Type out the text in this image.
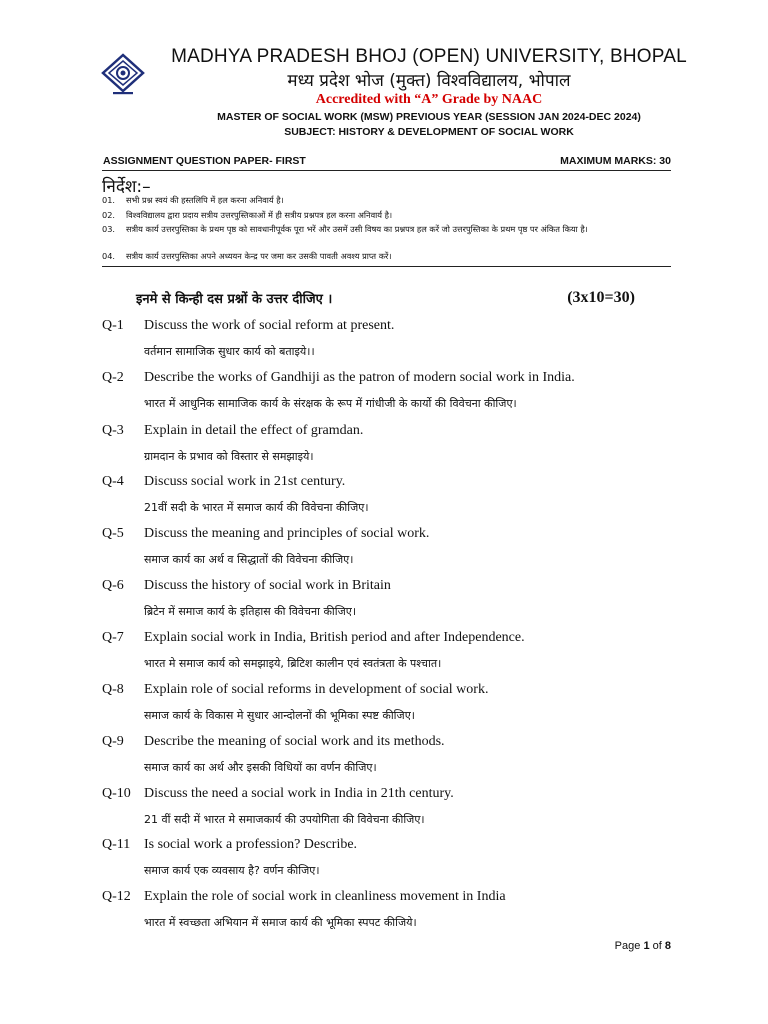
MADHYA PRADESH BHOJ (OPEN) UNIVERSITY, BHOPAL
मध्य प्रदेश भोज (मुक्त) विश्वविद्यालय, भोपाल
Accredited with “A” Grade by NAAC
MASTER OF SOCIAL WORK (MSW) PREVIOUS YEAR (SESSION JAN 2024-DEC 2024)
SUBJECT: HISTORY & DEVELOPMENT OF SOCIAL WORK
ASSIGNMENT QUESTION PAPER- FIRST	MAXIMUM MARKS: 30
निर्देश:–
01.	सभी प्रश्न स्वयं की हस्तलिपि में हल करना अनिवार्य है।
02.	विश्वविद्यालय द्वारा प्रदाय सत्रीय उत्तरपुस्तिकाओं में ही सत्रीय प्रश्नपत्र हल करना अनिवार्य है।
03.	सत्रीय कार्य उत्तरपुस्तिका के प्रथम पृष्ठ को सावधानीपूर्वक पूरा भरें और उसमें उसी विषय का प्रश्नपत्र हल करें जो उत्तरपुस्तिका के प्रथम पृष्ठ पर अंकित किया है।
04.	सत्रीय कार्य उत्तरपुस्तिका अपने अध्ययन केन्द्र पर जमा कर उसकी पावती अवश्य प्राप्त करें।
इनमे से किन्ही दस प्रश्नों के उत्तर दीजिए ।	(3x10=30)
Q-1 Discuss the work of social reform at present.
वर्तमान सामाजिक सुधार कार्य को बताइये।।
Q-2 Describe the works of Gandhiji as the patron of modern social work in India.
भारत में आधुनिक सामाजिक कार्य के संरक्षक के रूप में गांधीजी के कार्यो की विवेचना कीजिए।
Q-3 Explain in detail the effect of gramdan.
ग्रामदान के प्रभाव को विस्तार से समझाइये।
Q-4 Discuss social work in 21st century.
21वीं सदी के भारत में समाज कार्य की विवेचना कीजिए।
Q-5 Discuss the meaning and principles of social work.
समाज कार्य का अर्थ व सिद्धातों की विवेचना कीजिए।
Q-6 Discuss the history of social work in Britain
ब्रिटेन में समाज कार्य के इतिहास की विवेचना कीजिए।
Q-7 Explain social work in India, British period and after Independence.
भारत मे समाज कार्य को समझाइये, ब्रिटिश कालीन एवं स्वतंत्रता के पश्चात।
Q-8 Explain role of social reforms in development of social work.
समाज कार्य के विकास मे सुधार आन्दोलनों की भूमिका स्पष्ट कीजिए।
Q-9 Describe the meaning of social work and its methods.
समाज कार्य का अर्थ और इसकी विधियों का वर्णन कीजिए।
Q-10 Discuss the need a social work in India in 21th century.
21 वीं सदी में भारत मे समाजकार्य की उपयोगिता की विवेचना कीजिए।
Q-11 Is social work a profession? Describe.
समाज कार्य एक व्यवसाय है? वर्णन कीजिए।
Q-12 Explain the role of social work in cleanliness movement in India
भारत में स्वच्छता अभियान में समाज कार्य की भूमिका स्पपट कीजिये।
Page 1 of 8
